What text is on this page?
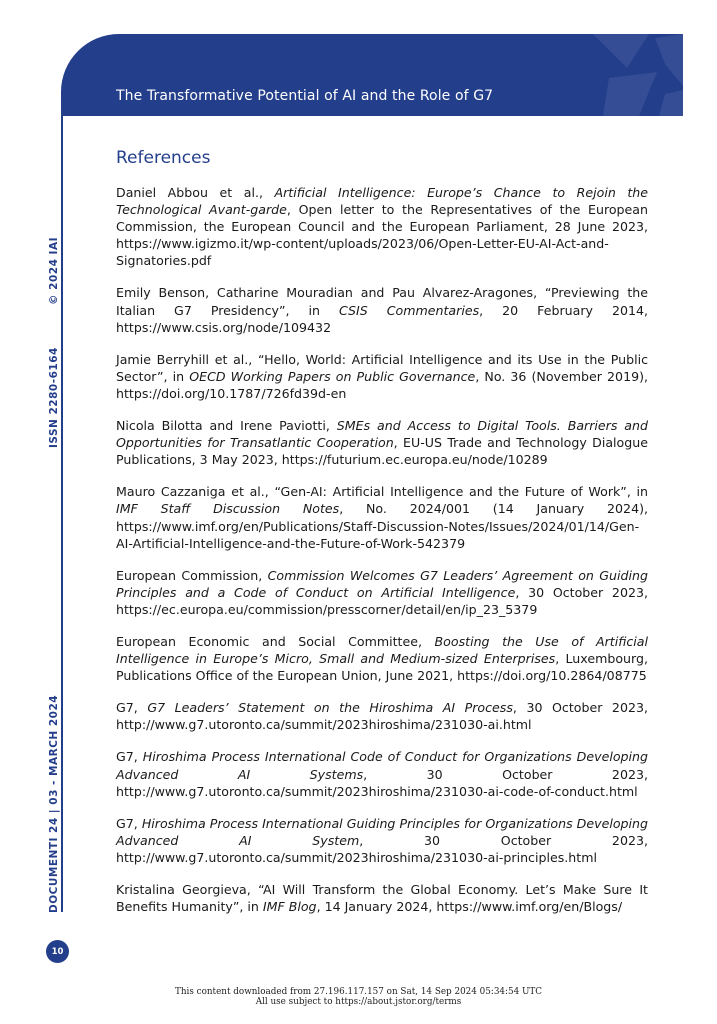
The Transformative Potential of AI and the Role of G7
© 2024 IAI
ISSN 2280-6164
DOCUMENTI 24 | 03 - MARCH 2024
References

Daniel Abbou et al., Artificial Intelligence: Europe’s Chance to Rejoin the Technological Avant-garde, Open letter to the Representatives of the European Commission, the European Council and the European Parliament, 28 June 2023, https://www.igizmo.it/wp-content/uploads/2023/06/Open-Letter-EU-AI-Act-and-Signatories.pdf

Emily Benson, Catharine Mouradian and Pau Alvarez-Aragones, “Previewing the Italian G7 Presidency”, in CSIS Commentaries, 20 February 2014, https://www.csis.org/node/109432

Jamie Berryhill et al., “Hello, World: Artificial Intelligence and its Use in the Public Sector”, in OECD Working Papers on Public Governance, No. 36 (November 2019), https://doi.org/10.1787/726fd39d-en

Nicola Bilotta and Irene Paviotti, SMEs and Access to Digital Tools. Barriers and Opportunities for Transatlantic Cooperation, EU-US Trade and Technology Dialogue Publications, 3 May 2023, https://futurium.ec.europa.eu/node/10289

Mauro Cazzaniga et al., “Gen-AI: Artificial Intelligence and the Future of Work”, in IMF Staff Discussion Notes, No. 2024/001 (14 January 2024), https://www.imf.org/en/Publications/Staff-Discussion-Notes/Issues/2024/01/14/Gen-AI-Artificial-Intelligence-and-the-Future-of-Work-542379

European Commission, Commission Welcomes G7 Leaders’ Agreement on Guiding Principles and a Code of Conduct on Artificial Intelligence, 30 October 2023, https://ec.europa.eu/commission/presscorner/detail/en/ip_23_5379

European Economic and Social Committee, Boosting the Use of Artificial Intelligence in Europe’s Micro, Small and Medium-sized Enterprises, Luxembourg, Publications Office of the European Union, June 2021, https://doi.org/10.2864/08775

G7, G7 Leaders’ Statement on the Hiroshima AI Process, 30 October 2023, http://www.g7.utoronto.ca/summit/2023hiroshima/231030-ai.html

G7, Hiroshima Process International Code of Conduct for Organizations Developing Advanced AI Systems, 30 October 2023, http://www.g7.utoronto.ca/summit/2023hiroshima/231030-ai-code-of-conduct.html

G7, Hiroshima Process International Guiding Principles for Organizations Developing Advanced AI System, 30 October 2023, http://www.g7.utoronto.ca/summit/2023hiroshima/231030-ai-principles.html

Kristalina Georgieva, “AI Will Transform the Global Economy. Let’s Make Sure It Benefits Humanity”, in IMF Blog, 14 January 2024, https://www.imf.org/en/Blogs/

10
This content downloaded from 27.196.117.157 on Sat, 14 Sep 2024 05:34:54 UTC
All use subject to https://about.jstor.org/terms
